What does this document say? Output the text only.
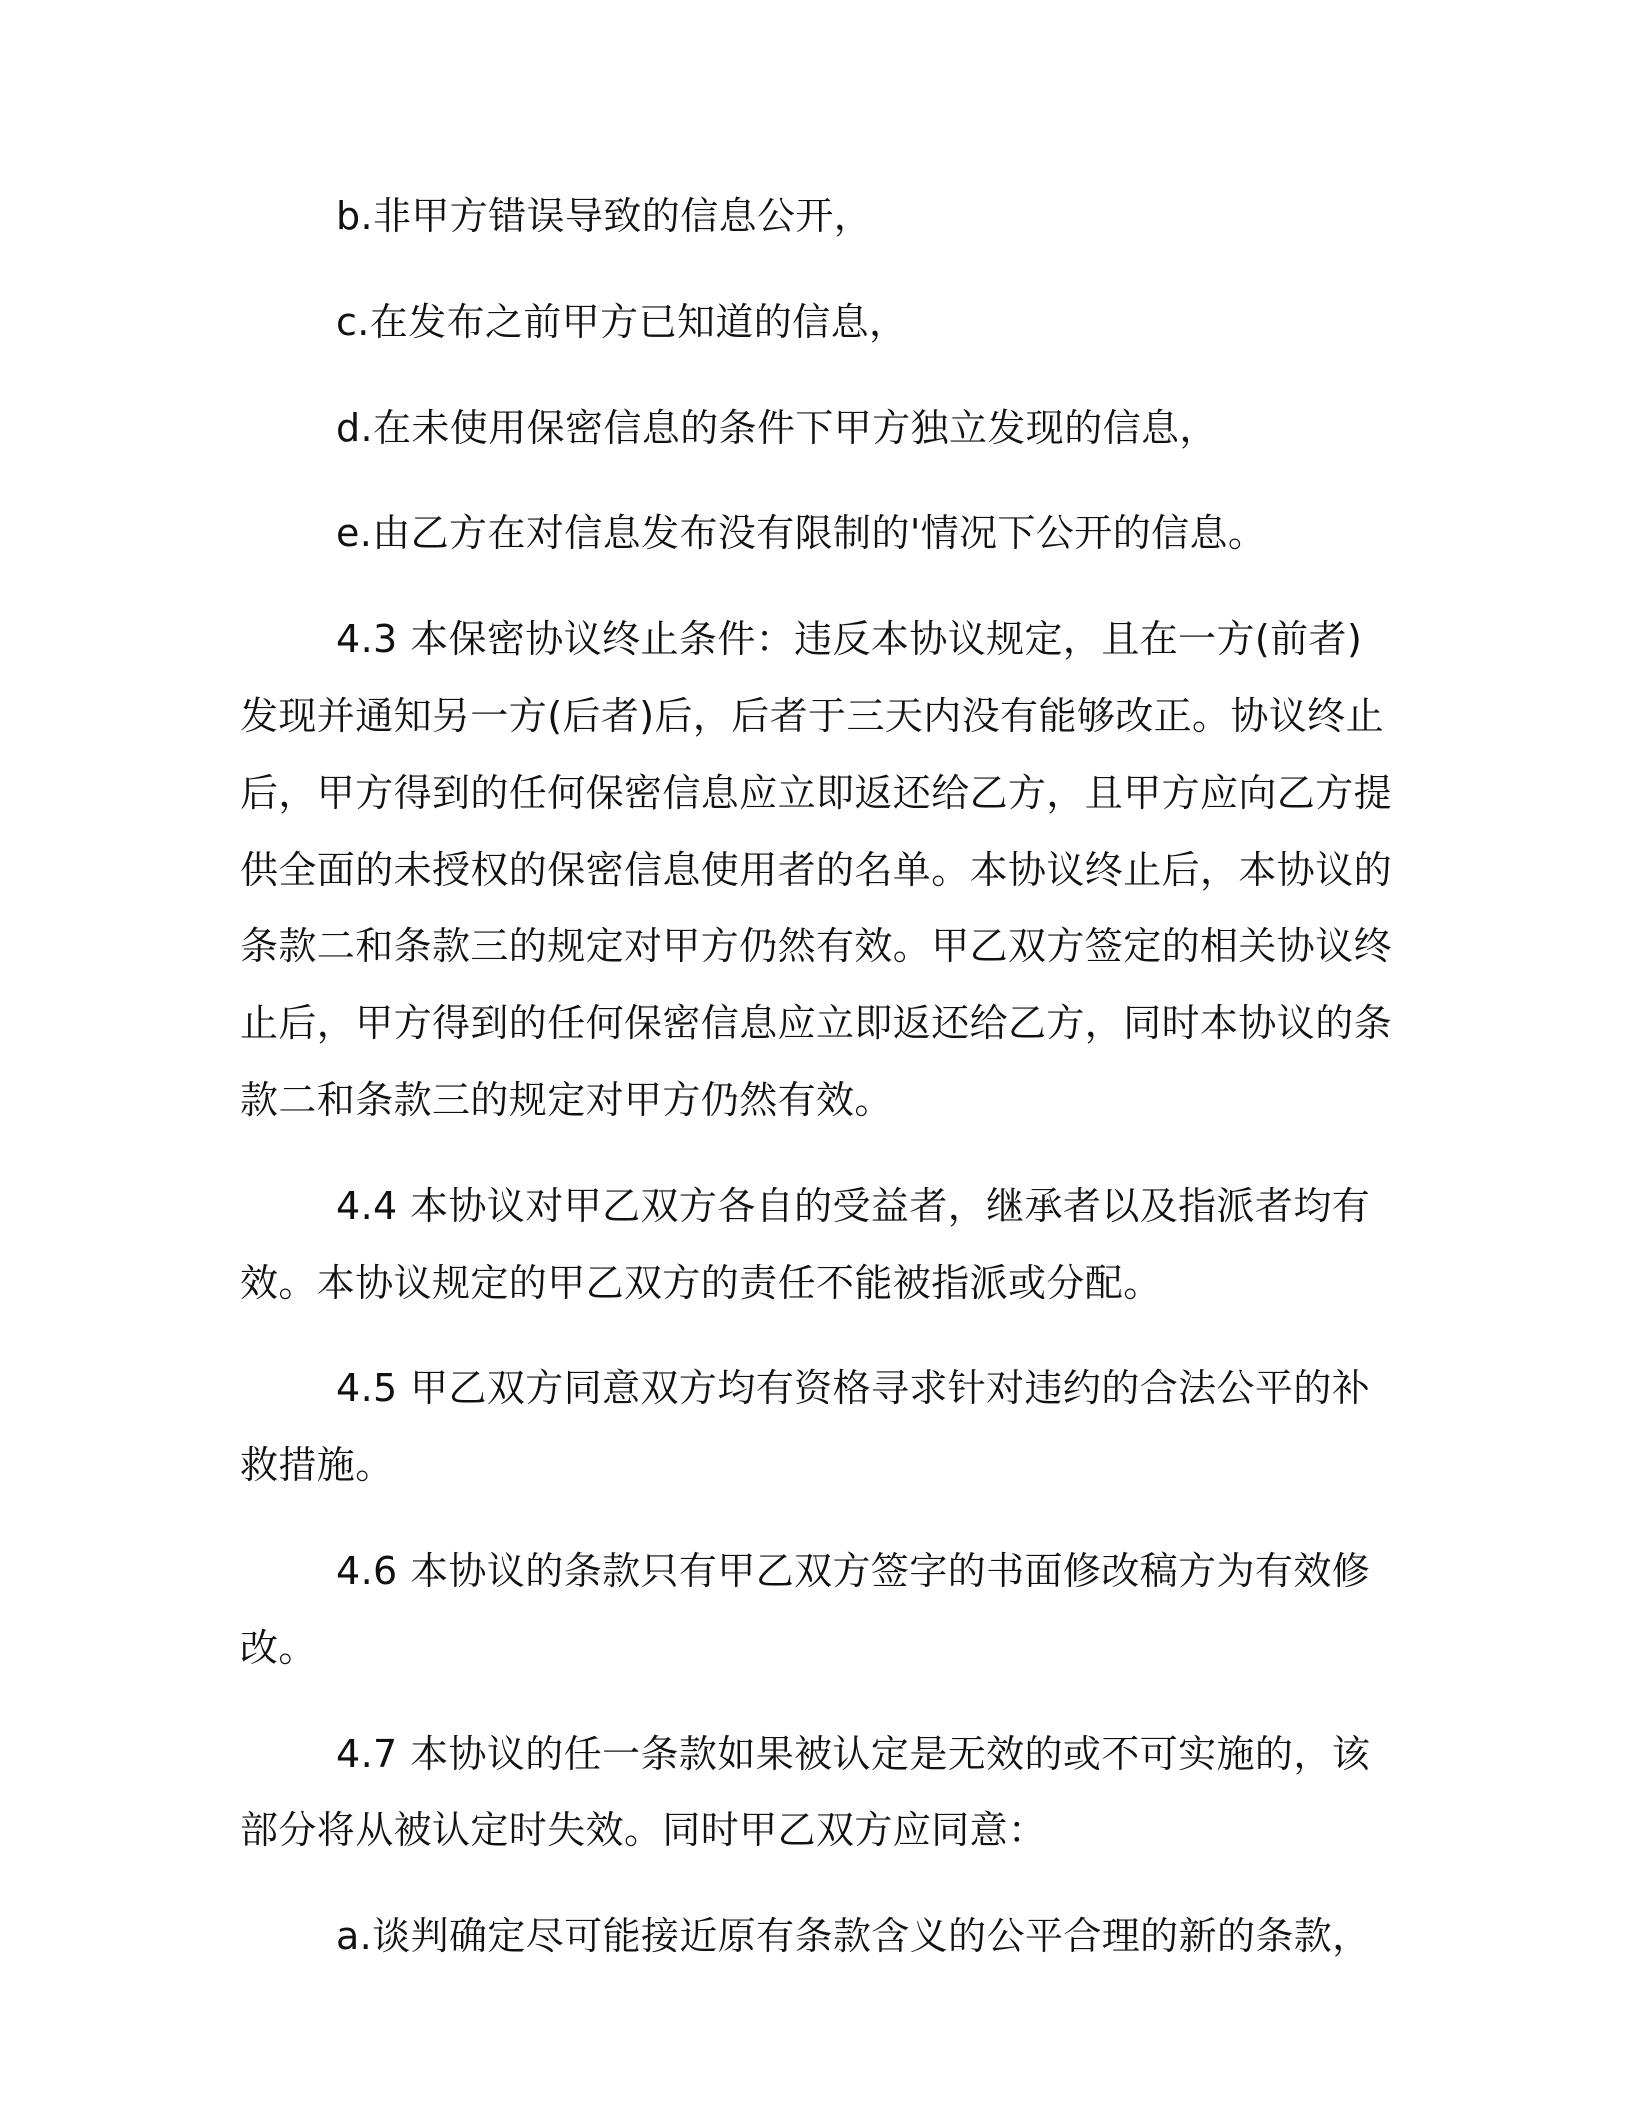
b.非甲方错误导致的信息公开，

c.在发布之前甲方已知道的信息，

d.在未使用保密信息的条件下甲方独立发现的信息，

e.由乙方在对信息发布没有限制的'情况下公开的信息。

4.3 本保密协议终止条件：违反本协议规定，且在一方(前者)发现并通知另一方(后者)后，后者于三天内没有能够改正。协议终止后，甲方得到的任何保密信息应立即返还给乙方，且甲方应向乙方提供全面的未授权的保密信息使用者的名单。本协议终止后，本协议的条款二和条款三的规定对甲方仍然有效。甲乙双方签定的相关协议终止后，甲方得到的任何保密信息应立即返还给乙方，同时本协议的条款二和条款三的规定对甲方仍然有效。

4.4 本协议对甲乙双方各自的受益者，继承者以及指派者均有效。本协议规定的甲乙双方的责任不能被指派或分配。

4.5 甲乙双方同意双方均有资格寻求针对违约的合法公平的补救措施。

4.6 本协议的条款只有甲乙双方签字的书面修改稿方为有效修改。

4.7 本协议的任一条款如果被认定是无效的或不可实施的，该部分将从被认定时失效。同时甲乙双方应同意：

a.谈判确定尽可能接近原有条款含义的公平合理的新的条款，
